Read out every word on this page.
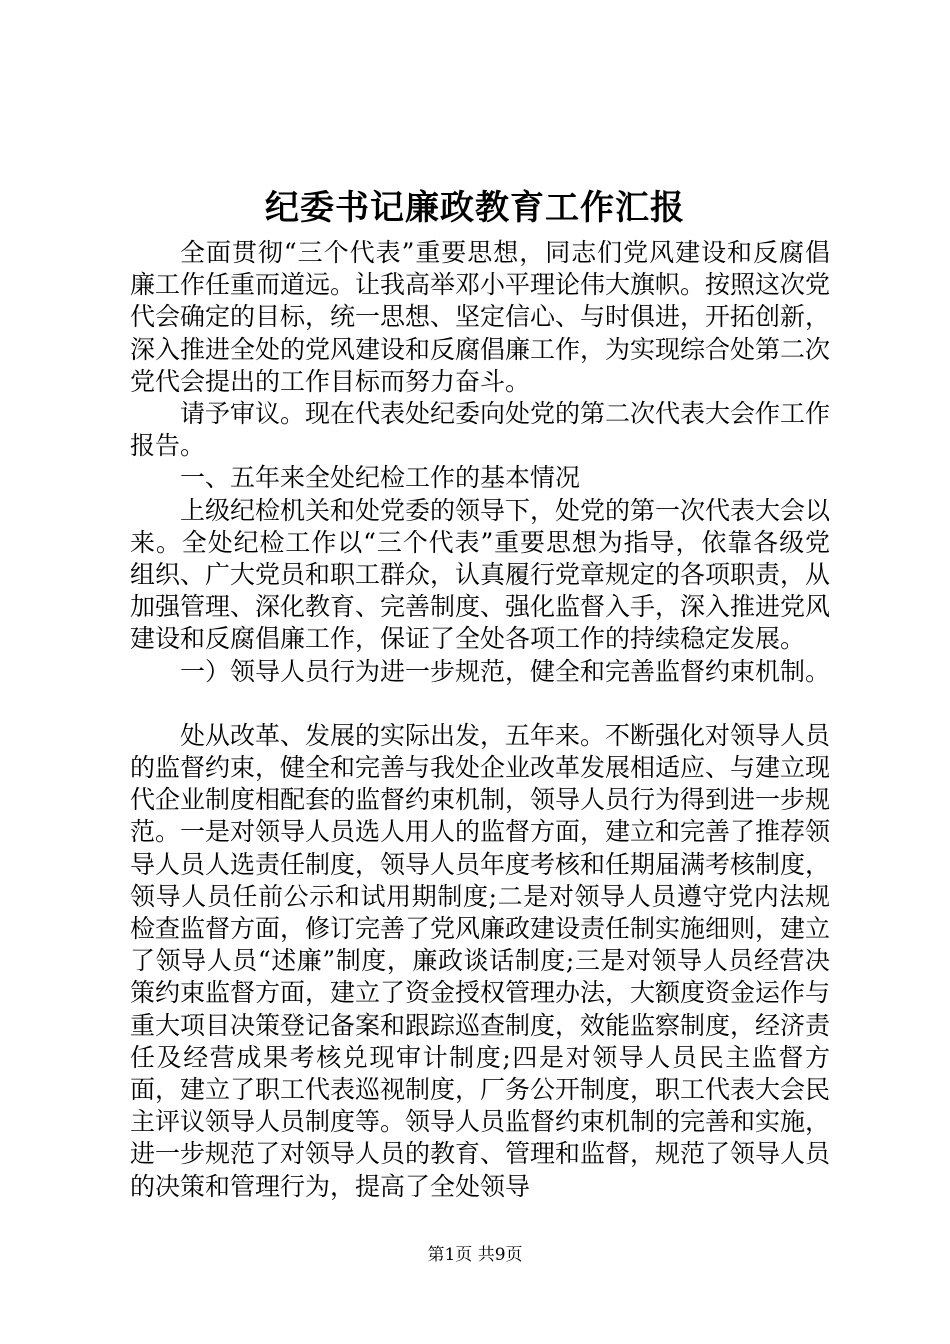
纪委书记廉政教育工作汇报

全面贯彻“三个代表”重要思想，同志们党风建设和反腐倡廉工作任重而道远。让我高举邓小平理论伟大旗帜。按照这次党代会确定的目标，统一思想、坚定信心、与时俱进，开拓创新，深入推进全处的党风建设和反腐倡廉工作，为实现综合处第二次党代会提出的工作目标而努力奋斗。

请予审议。现在代表处纪委向处党的第二次代表大会作工作报告。

一、五年来全处纪检工作的基本情况

上级纪检机关和处党委的领导下，处党的第一次代表大会以来。全处纪检工作以“三个代表”重要思想为指导，依靠各级党组织、广大党员和职工群众，认真履行党章规定的各项职责，从加强管理、深化教育、完善制度、强化监督入手，深入推进党风建设和反腐倡廉工作，保证了全处各项工作的持续稳定发展。

一）领导人员行为进一步规范，健全和完善监督约束机制。

处从改革、发展的实际出发，五年来。不断强化对领导人员的监督约束，健全和完善与我处企业改革发展相适应、与建立现代企业制度相配套的监督约束机制，领导人员行为得到进一步规范。一是对领导人员选人用人的监督方面，建立和完善了推荐领导人员人选责任制度，领导人员年度考核和任期届满考核制度，领导人员任前公示和试用期制度;二是对领导人员遵守党内法规检查监督方面，修订完善了党风廉政建设责任制实施细则，建立了领导人员“述廉”制度，廉政谈话制度;三是对领导人员经营决策约束监督方面，建立了资金授权管理办法，大额度资金运作与重大项目决策登记备案和跟踪巡查制度，效能监察制度，经济责任及经营成果考核兑现审计制度;四是对领导人员民主监督方面，建立了职工代表巡视制度，厂务公开制度，职工代表大会民主评议领导人员制度等。领导人员监督约束机制的完善和实施，进一步规范了对领导人员的教育、管理和监督，规范了领导人员的决策和管理行为，提高了全处领导

第1页 共9页
